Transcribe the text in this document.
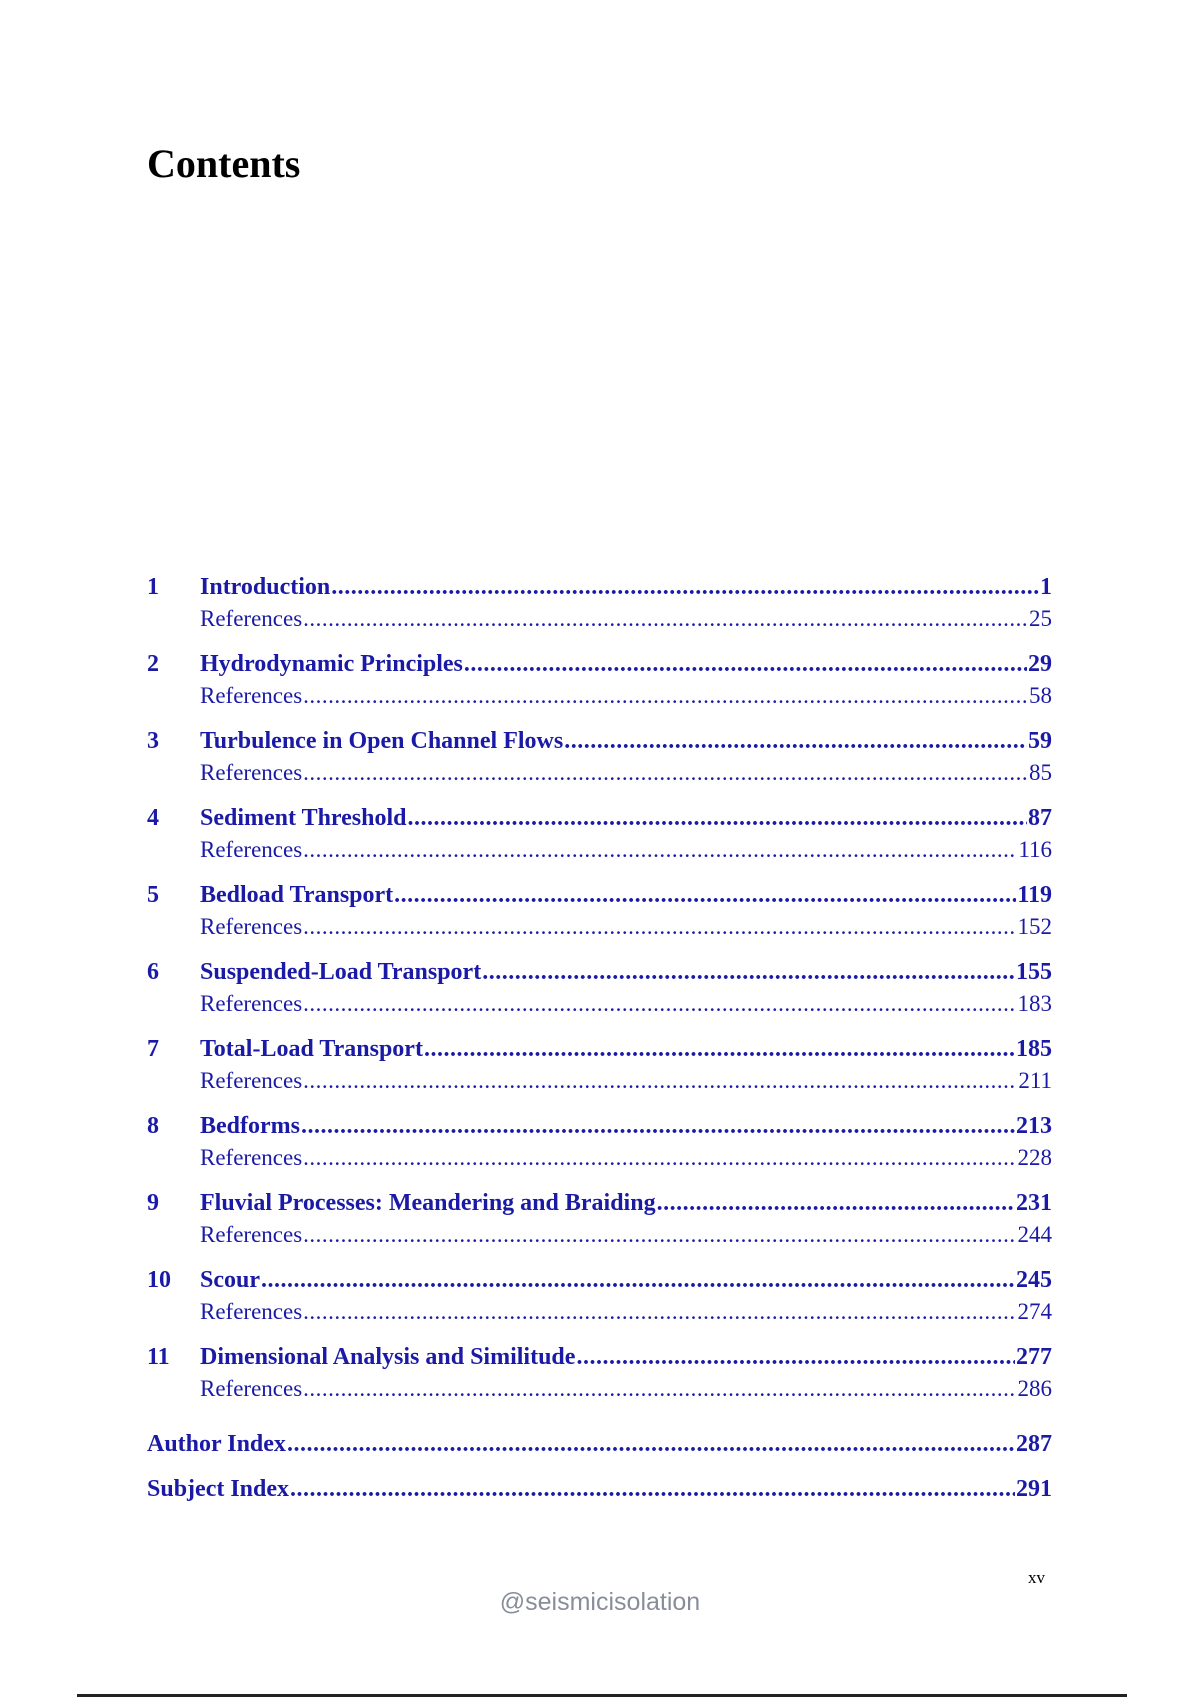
Contents
1	Introduction .....	1
References .....	25
2	Hydrodynamic Principles .....	29
References .....	58
3	Turbulence in Open Channel Flows .....	59
References .....	85
4	Sediment Threshold .....	87
References .....	116
5	Bedload Transport .....	119
References .....	152
6	Suspended-Load Transport .....	155
References .....	183
7	Total-Load Transport .....	185
References .....	211
8	Bedforms .....	213
References .....	228
9	Fluvial Processes: Meandering and Braiding .....	231
References .....	244
10	Scour .....	245
References .....	274
11	Dimensional Analysis and Similitude .....	277
References .....	286
Author Index .....	287
Subject Index .....	291
xv
@seismicisolation
